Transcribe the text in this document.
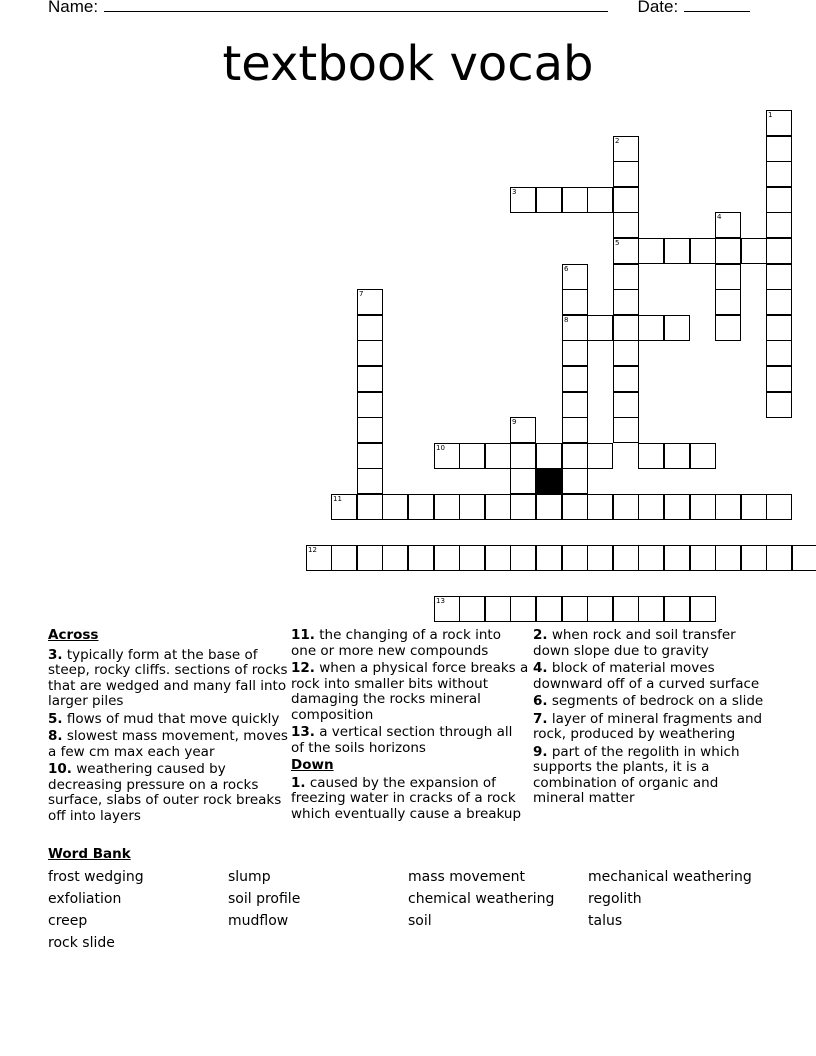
Name:	Date:
textbook vocab
1
2
3
4
5
6
7
8
9
10
11
12
13
Across
3. typically form at the base of steep, rocky cliffs. sections of rocks that are wedged and many fall into larger piles
5. flows of mud that move quickly
8. slowest mass movement, moves a few cm max each year
10. weathering caused by decreasing pressure on a rocks surface, slabs of outer rock breaks off into layers
11. the changing of a rock into one or more new compounds
12. when a physical force breaks a rock into smaller bits without damaging the rocks mineral composition
13. a vertical section through all of the soils horizons
Down
1. caused by the expansion of freezing water in cracks of a rock which eventually cause a breakup
2. when rock and soil transfer down slope due to gravity
4. block of material moves downward off of a curved surface
6. segments of bedrock on a slide
7. layer of mineral fragments and rock, produced by weathering
9. part of the regolith in which supports the plants, it is a combination of organic and mineral matter
Word Bank
frost wedging	slump	mass movement	mechanical weathering
exfoliation	soil profile	chemical weathering	regolith
creep	mudflow	soil	talus
rock slide
